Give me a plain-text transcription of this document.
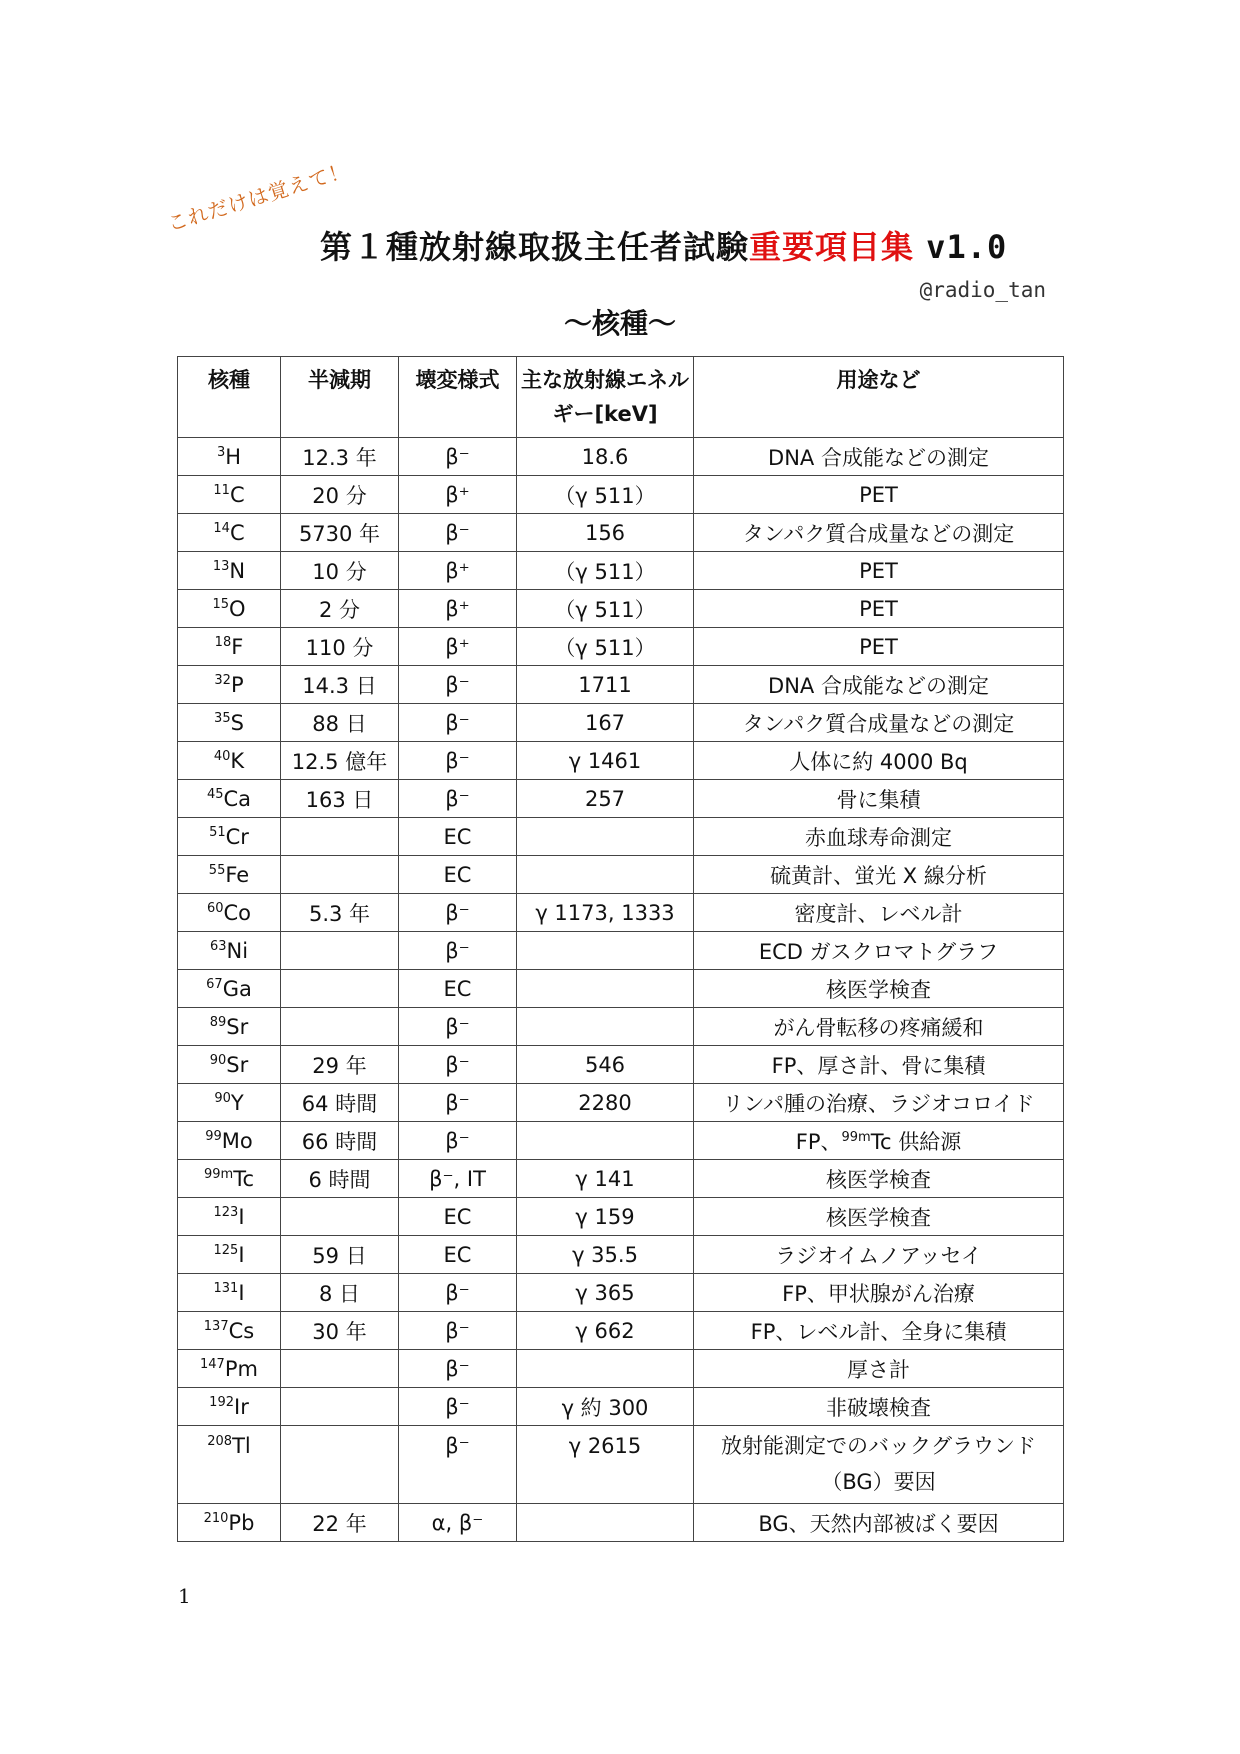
これだけは覚えて！
第１種放射線取扱主任者試験重要項目集 v1.0
@radio_tan
～核種～
核種	半減期	壊変様式	主な放射線エネルギー[keV]	用途など
$^3$H	12.3 年	β⁻	18.6	DNA 合成能などの測定
$^{11}$C	20 分	β⁺	（γ 511）	PET
$^{14}$C	5730 年	β⁻	156	タンパク質合成量などの測定
$^{13}$N	10 分	β⁺	（γ 511）	PET
$^{15}$O	2 分	β⁺	（γ 511）	PET
$^{18}$F	110 分	β⁺	（γ 511）	PET
$^{32}$P	14.3 日	β⁻	1711	DNA 合成能などの測定
$^{35}$S	88 日	β⁻	167	タンパク質合成量などの測定
$^{40}$K	12.5 億年	β⁻	γ 1461	人体に約 4000 Bq
$^{45}$Ca	163 日	β⁻	257	骨に集積
$^{51}$Cr		EC		赤血球寿命測定
$^{55}$Fe		EC		硫黄計、蛍光 X 線分析
$^{60}$Co	5.3 年	β⁻	γ 1173, 1333	密度計、レベル計
$^{63}$Ni		β⁻		ECD ガスクロマトグラフ
$^{67}$Ga		EC		核医学検査
$^{89}$Sr		β⁻		がん骨転移の疼痛緩和
$^{90}$Sr	29 年	β⁻	546	FP、厚さ計、骨に集積
$^{90}$Y	64 時間	β⁻	2280	リンパ腫の治療、ラジオコロイド
$^{99}$Mo	66 時間	β⁻		FP、$^{99m}$Tc 供給源
$^{99m}$Tc	6 時間	β⁻, IT	γ 141	核医学検査
$^{123}$I		EC	γ 159	核医学検査
$^{125}$I	59 日	EC	γ 35.5	ラジオイムノアッセイ
$^{131}$I	8 日	β⁻	γ 365	FP、甲状腺がん治療
$^{137}$Cs	30 年	β⁻	γ 662	FP、レベル計、全身に集積
$^{147}$Pm		β⁻		厚さ計
$^{192}$Ir		β⁻	γ 約 300	非破壊検査
$^{208}$Tl		β⁻	γ 2615	放射能測定でのバックグラウンド（BG）要因
$^{210}$Pb	22 年	α, β⁻		BG、天然内部被ばく要因
1
